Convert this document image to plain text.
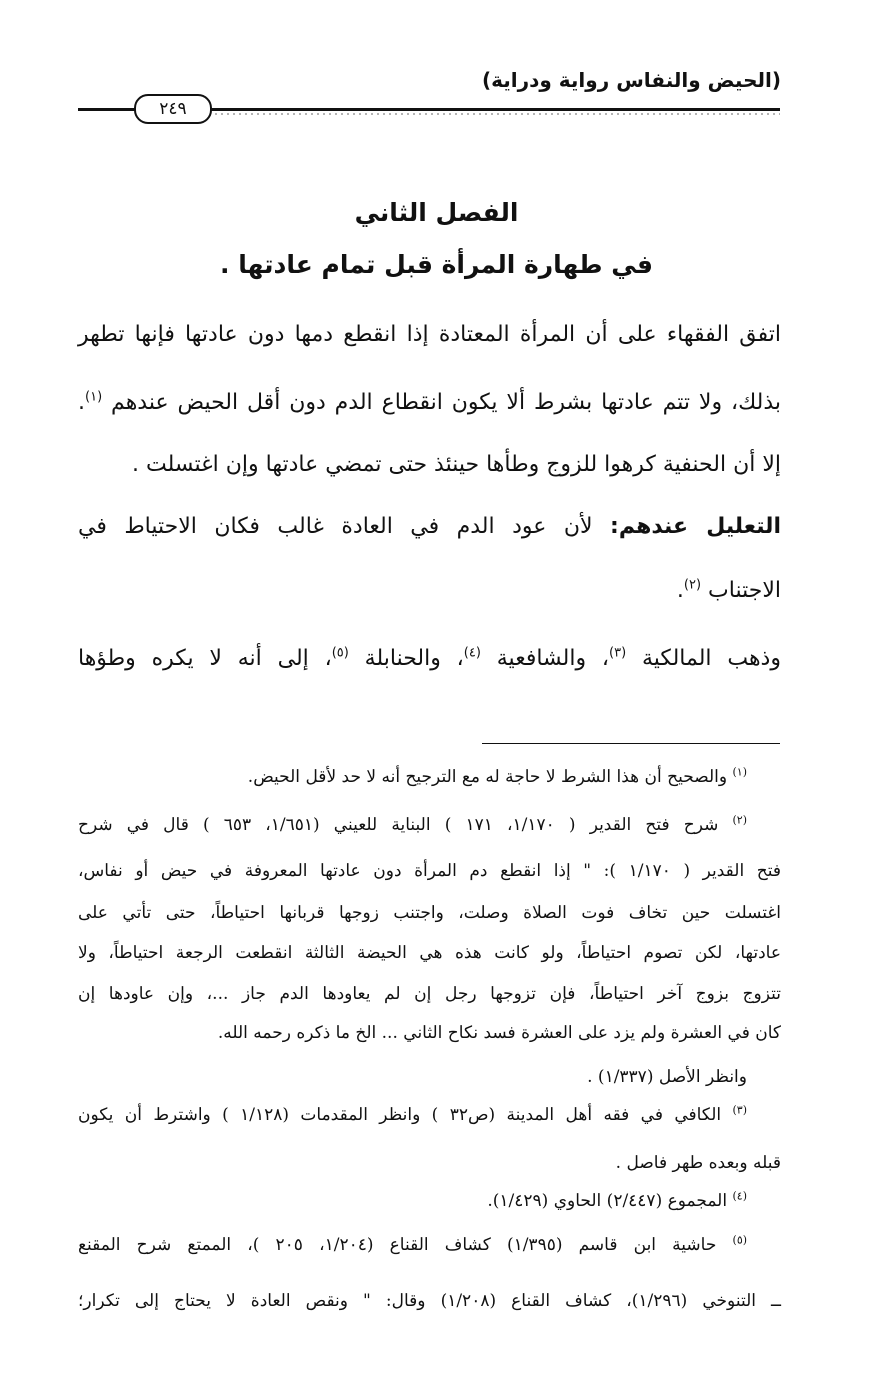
(الحيض والنفاس رواية ودراية)
٢٤٩
الفصل الثاني
في طهارة المرأة قبل تمام عادتها .
اتفق الفقهاء على أن المرأة المعتادة إذا انقطع دمها دون عادتها فإنها تطهر
بذلك، ولا تتم عادتها بشرط ألا يكون انقطاع الدم دون أقل الحيض عندهم $^{(١)}$.
إلا أن الحنفية كرهوا للزوج وطأها حينئذ حتى تمضي عادتها وإن اغتسلت .
التعليل عندهم: لأن عود الدم في العادة غالب فكان الاحتياط في
الاجتناب $^{(٢)}$.
وذهب المالكية $^{(٣)}$، والشافعية $^{(٤)}$، والحنابلة $^{(٥)}$، إلى أنه لا يكره وطؤها
$^{(١)}$ والصحيح أن هذا الشرط لا حاجة له مع الترجيح أنه لا حد لأقل الحيض.
$^{(٢)}$ شرح فتح القدير ( ١/١٧٠، ١٧١ ) البناية للعيني (١/٦٥١، ٦٥٣ ) قال في شرح
فتح القدير ( ١/١٧٠ ): " إذا انقطع دم المرأة دون عادتها المعروفة في حيض أو نفاس،
اغتسلت حين تخاف فوت الصلاة وصلت، واجتنب زوجها قربانها احتياطاً، حتى تأتي على
عادتها، لكن تصوم احتياطاً، ولو كانت هذه هي الحيضة الثالثة انقطعت الرجعة احتياطاً، ولا
تتزوج بزوج آخر احتياطاً، فإن تزوجها رجل إن لم يعاودها الدم جاز ...، وإن عاودها إن
كان في العشرة ولم يزد على العشرة فسد نكاح الثاني ... الخ ما ذكره رحمه الله.
وانظر الأصل (١/٣٣٧) .
$^{(٣)}$ الكافي في فقه أهل المدينة (ص٣٢ ) وانظر المقدمات (١/١٢٨ ) واشترط أن يكون
قبله وبعده طهر فاصل .
$^{(٤)}$ المجموع (٢/٤٤٧) الحاوي (١/٤٢٩).
$^{(٥)}$ حاشية ابن قاسم (١/٣٩٥) كشاف القناع (١/٢٠٤، ٢٠٥ )، الممتع شرح المقنع
ــ التنوخي (١/٢٩٦)، كشاف القناع (١/٢٠٨) وقال: " ونقص العادة لا يحتاج إلى تكرار؛
